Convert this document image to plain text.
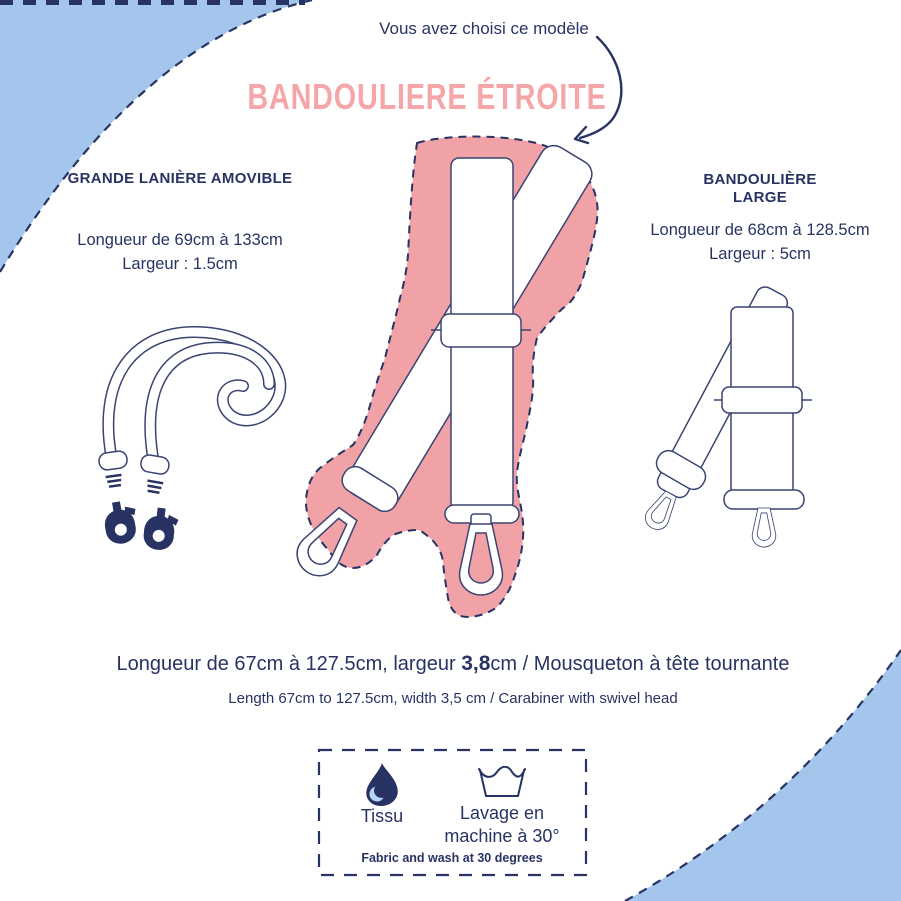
Vous avez choisi ce modèle
BANDOULIERE ÉTROITE
GRANDE LANIÈRE AMOVIBLE
Longueur de 69cm à 133cm
Largeur : 1.5cm
BANDOULIÈRE
LARGE
Longueur de 68cm à 128.5cm
Largeur : 5cm
Longueur de 67cm à 127.5cm, largeur 3,8cm / Mousqueton à tête tournante
Length 67cm to 127.5cm, width 3,5 cm / Carabiner with swivel head
Tissu	Lavage en
machine à 30°
Fabric and wash at 30 degrees
